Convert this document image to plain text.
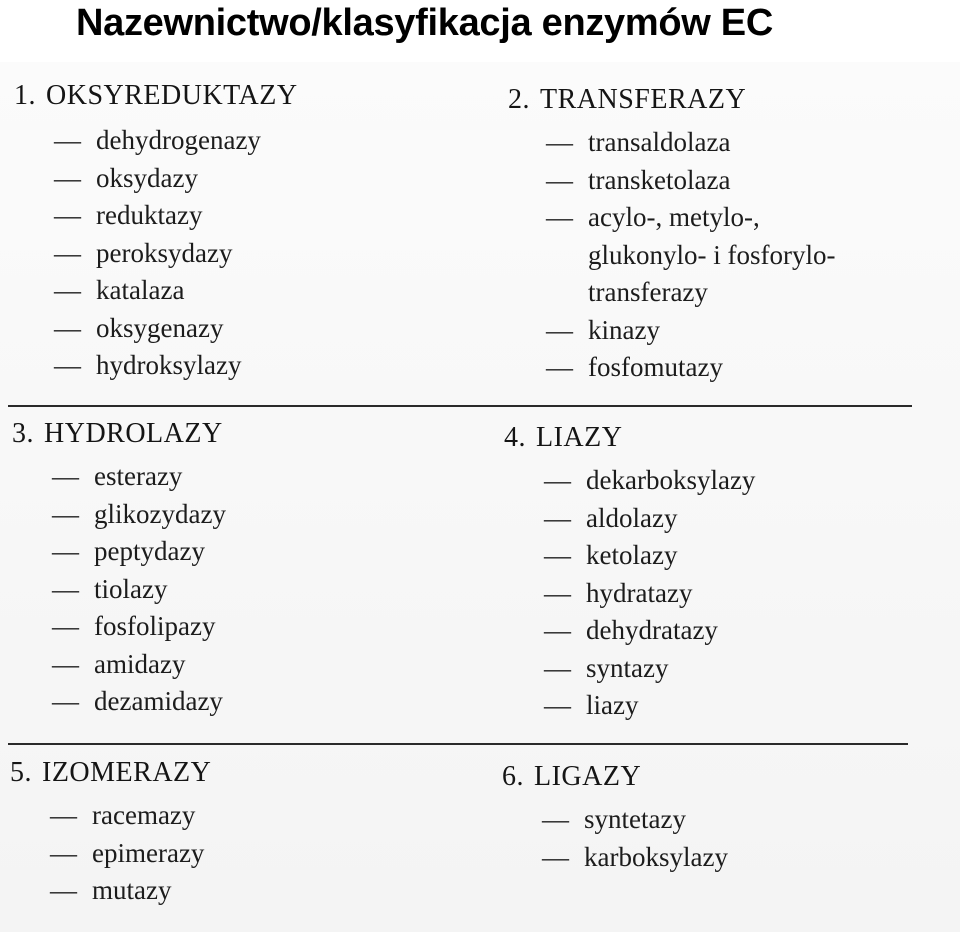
Nazewnictwo/klasyfikacja enzymów EC
1. OKSYREDUKTAZY
— dehydrogenazy
— oksydazy
— reduktazy
— peroksydazy
— katalaza
— oksygenazy
— hydroksylazy
2. TRANSFERAZY
— transaldolaza
— transketolaza
— acylo-, metylo-,
glukonylo- i fosforylo-
transferazy
— kinazy
— fosfomutazy
3. HYDROLAZY
— esterazy
— glikozydazy
— peptydazy
— tiolazy
— fosfolipazy
— amidazy
— dezamidazy
4. LIAZY
— dekarboksylazy
— aldolazy
— ketolazy
— hydratazy
— dehydratazy
— syntazy
— liazy
5. IZOMERAZY
— racemazy
— epimerazy
— mutazy
6. LIGAZY
— syntetazy
— karboksylazy
